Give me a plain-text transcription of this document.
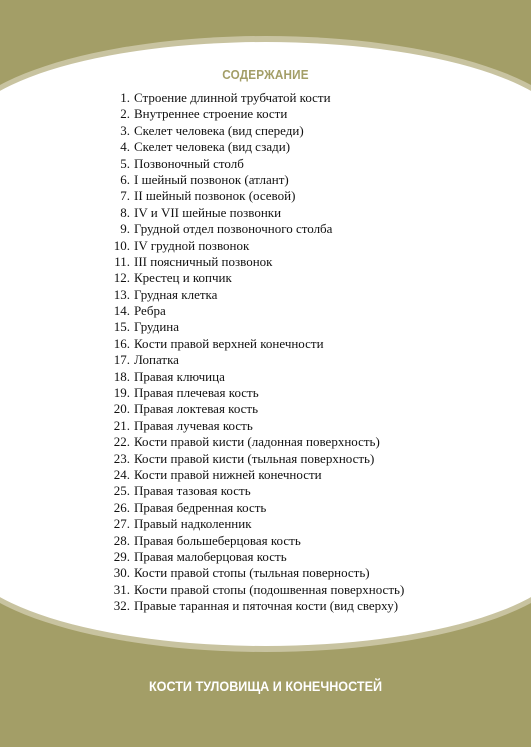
СОДЕРЖАНИЕ
1. Строение длинной трубчатой кости
2. Внутреннее строение кости
3. Скелет человека (вид спереди)
4. Скелет человека (вид сзади)
5. Позвоночный столб
6. I шейный позвонок (атлант)
7. II шейный позвонок (осевой)
8. IV и VII шейные позвонки
9. Грудной отдел позвоночного столба
10. IV грудной позвонок
11. III поясничный позвонок
12. Крестец и копчик
13. Грудная клетка
14. Ребра
15. Грудина
16. Кости правой верхней конечности
17. Лопатка
18. Правая ключица
19. Правая плечевая кость
20. Правая локтевая кость
21. Правая лучевая кость
22. Кости правой кисти (ладонная поверхность)
23. Кости правой кисти (тыльная поверхность)
24. Кости правой нижней конечности
25. Правая тазовая кость
26. Правая бедренная кость
27. Правый надколенник
28. Правая большеберцовая кость
29. Правая малоберцовая кость
30. Кости правой стопы (тыльная поверность)
31. Кости правой стопы (подошвенная поверхность)
32. Правые таранная и пяточная кости (вид сверху)
КОСТИ ТУЛОВИЩА И КОНЕЧНОСТЕЙ
